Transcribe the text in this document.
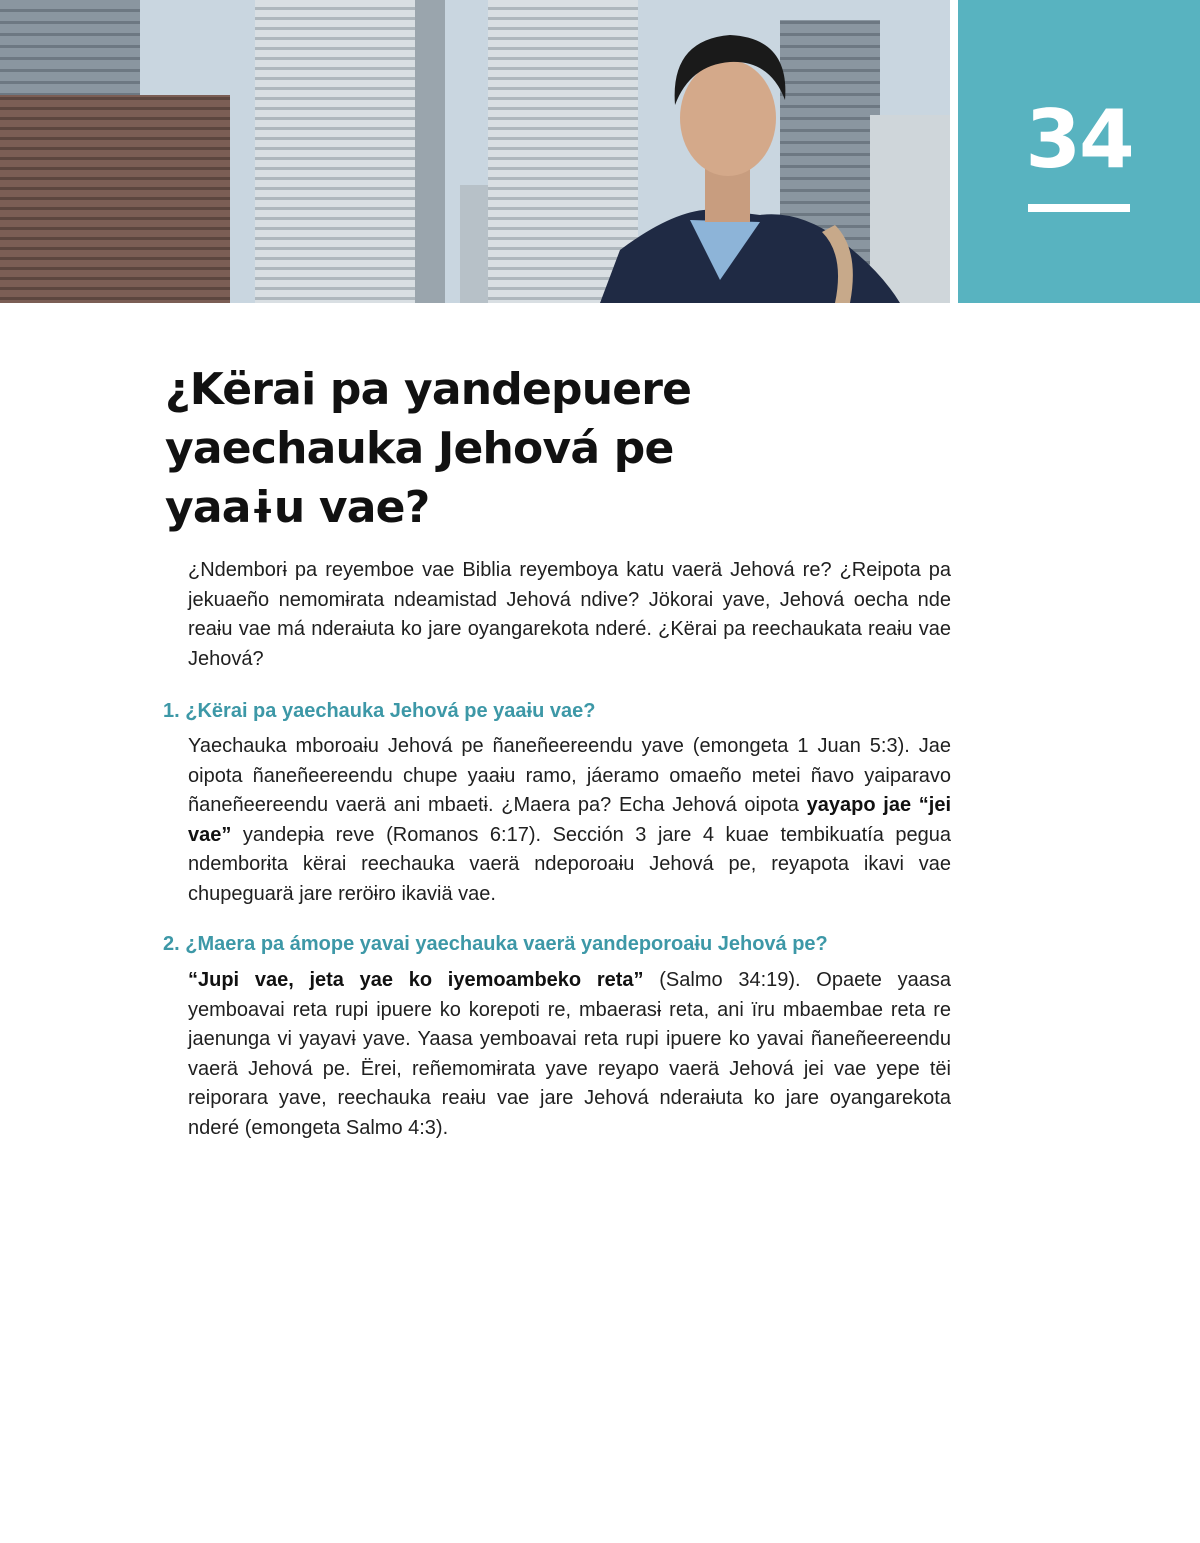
34
¿Kërai pa yandepuere yaechauka Jehová pe yaaɨu vae?

¿Ndemborɨ pa reyemboe vae Biblia reyemboya katu vaerä Jehová re? ¿Reipota pa jekuaeño nemomɨrata ndeamistad Jehová ndive? Jökorai yave, Jehová oecha nde reaɨu vae má nderaɨuta ko jare oyangarekota nderé. ¿Kërai pa reechaukata reaɨu vae Jehová?

1. ¿Kërai pa yaechauka Jehová pe yaaɨu vae?

Yaechauka mboroaɨu Jehová pe ñaneñeereendu yave (emongeta 1 Juan 5:3). Jae oipota ñaneñeereendu chupe yaaɨu ramo, jáeramo omaeño metei ñavo yaiparavo ñaneñeereendu vaerä ani mbaetɨ. ¿Maera pa? Echa Jehová oipota yayapo jae “jei vae” yandepɨa reve (Romanos 6:17). Sección 3 jare 4 kuae tembikuatía pegua ndemborɨta kërai reechauka vaerä ndeporoaɨu Jehová pe, reyapota ikavi vae chupeguarä jare reröɨro ikaviä vae.

2. ¿Maera pa ámope yavai yaechauka vaerä yandeporoaɨu Jehová pe?

“Jupi vae, jeta yae ko iyemoambeko reta” (Salmo 34:19). Opaete yaasa yemboavai reta rupi ipuere ko korepoti re, mbaerasɨ reta, ani ïru mbaembae reta re jaenunga vi yayavɨ yave. Yaasa yemboavai reta rupi ipuere ko yavai ñaneñeereendu vaerä Jehová pe. Ërei, reñemomɨrata yave reyapo vaerä Jehová jei vae yepe tëi reiporara yave, reechauka reaɨu vae jare Jehová nderaɨuta ko jare oyangarekota nderé (emongeta Salmo 4:3).
